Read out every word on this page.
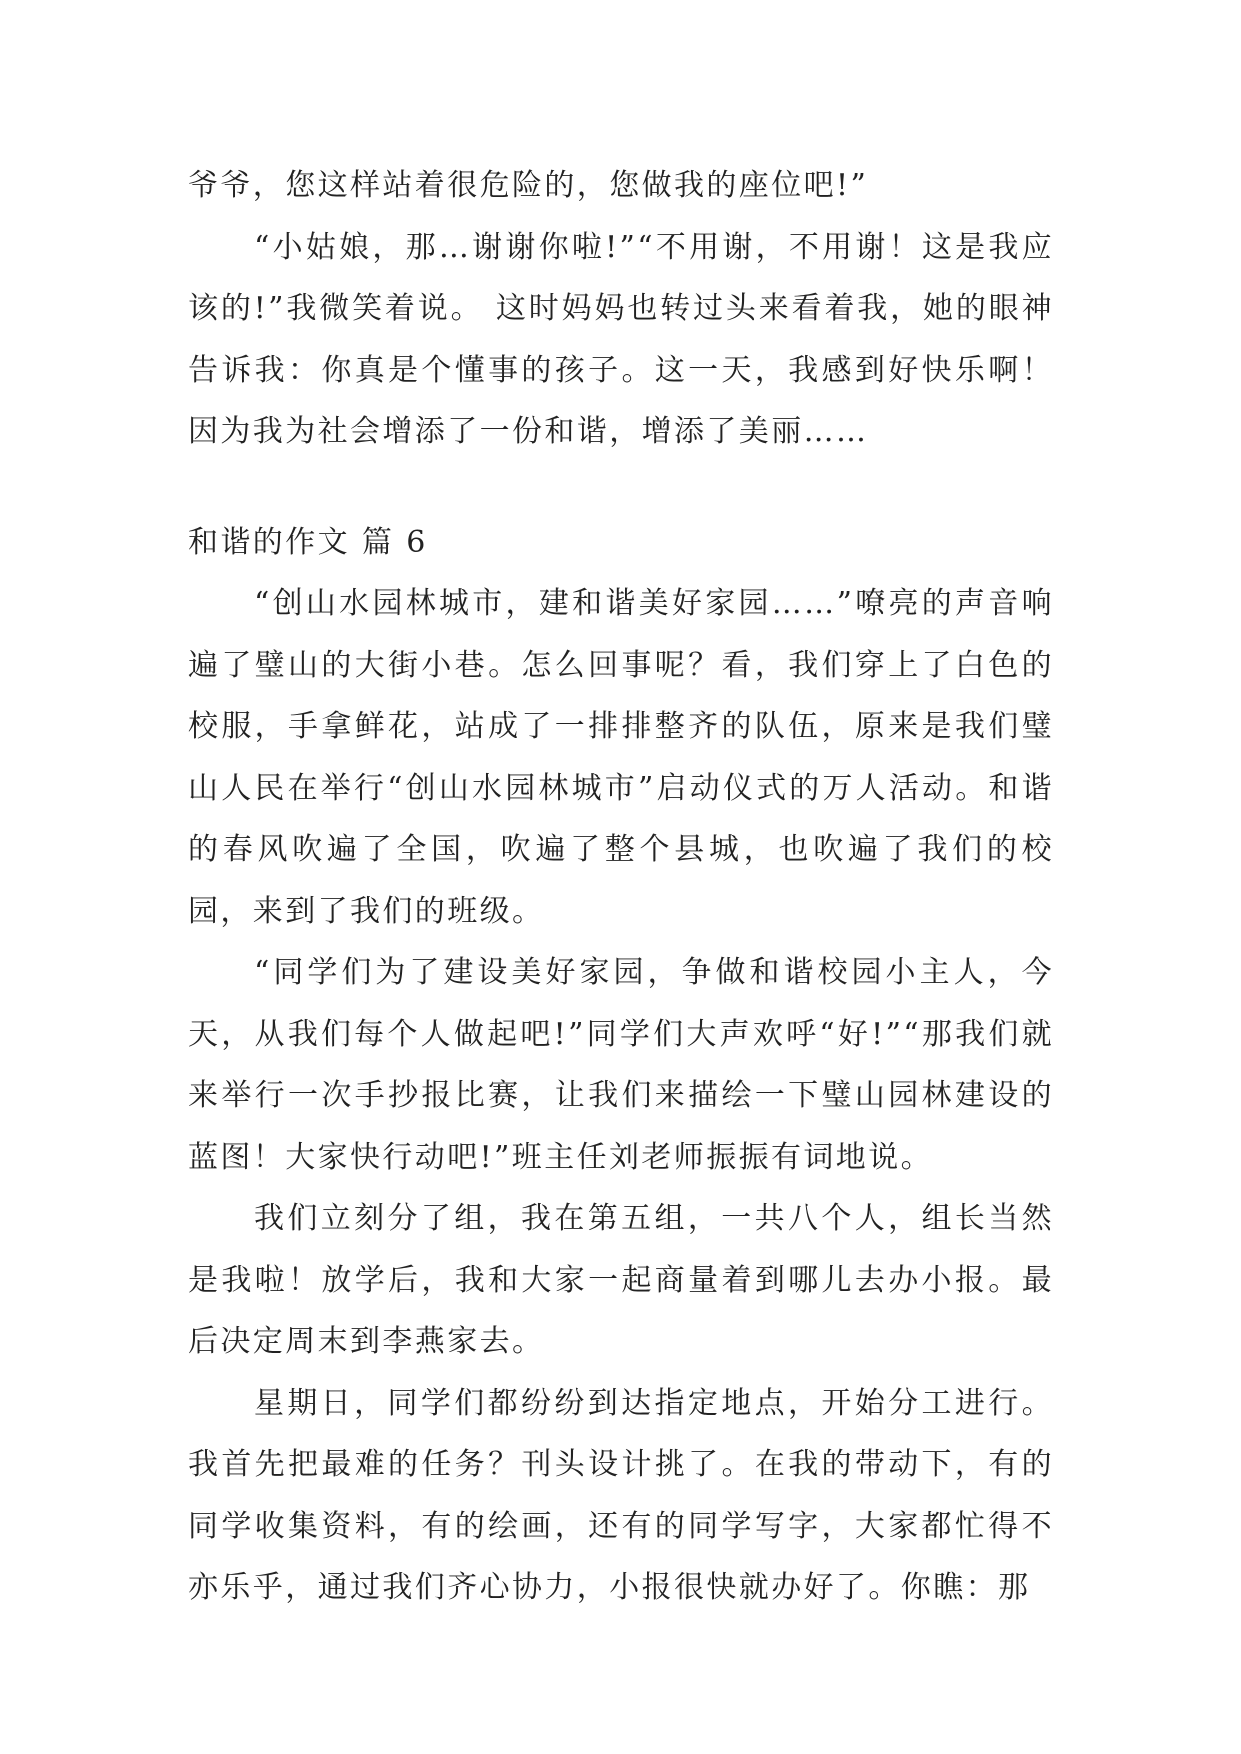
爷爷，您这样站着很危险的，您做我的座位吧!”

“小姑娘，那…谢谢你啦!”“不用谢，不用谢！这是我应该的!”我微笑着说。 这时妈妈也转过头来看着我，她的眼神告诉我：你真是个懂事的孩子。这一天，我感到好快乐啊！因为我为社会增添了一份和谐，增添了美丽……

和谐的作文 篇 6

“创山水园林城市，建和谐美好家园……”嘹亮的声音响遍了璧山的大街小巷。怎么回事呢？看，我们穿上了白色的校服，手拿鲜花，站成了一排排整齐的队伍，原来是我们璧山人民在举行“创山水园林城市”启动仪式的万人活动。和谐的春风吹遍了全国，吹遍了整个县城，也吹遍了我们的校园，来到了我们的班级。

“同学们为了建设美好家园，争做和谐校园小主人，今天，从我们每个人做起吧!”同学们大声欢呼“好!”“那我们就来举行一次手抄报比赛，让我们来描绘一下璧山园林建设的蓝图！大家快行动吧!”班主任刘老师振振有词地说。

我们立刻分了组，我在第五组，一共八个人，组长当然是我啦！放学后，我和大家一起商量着到哪儿去办小报。最后决定周末到李燕家去。

星期日，同学们都纷纷到达指定地点，开始分工进行。我首先把最难的任务？刊头设计挑了。在我的带动下，有的同学收集资料，有的绘画，还有的同学写字，大家都忙得不亦乐乎，通过我们齐心协力，小报很快就办好了。你瞧：那
